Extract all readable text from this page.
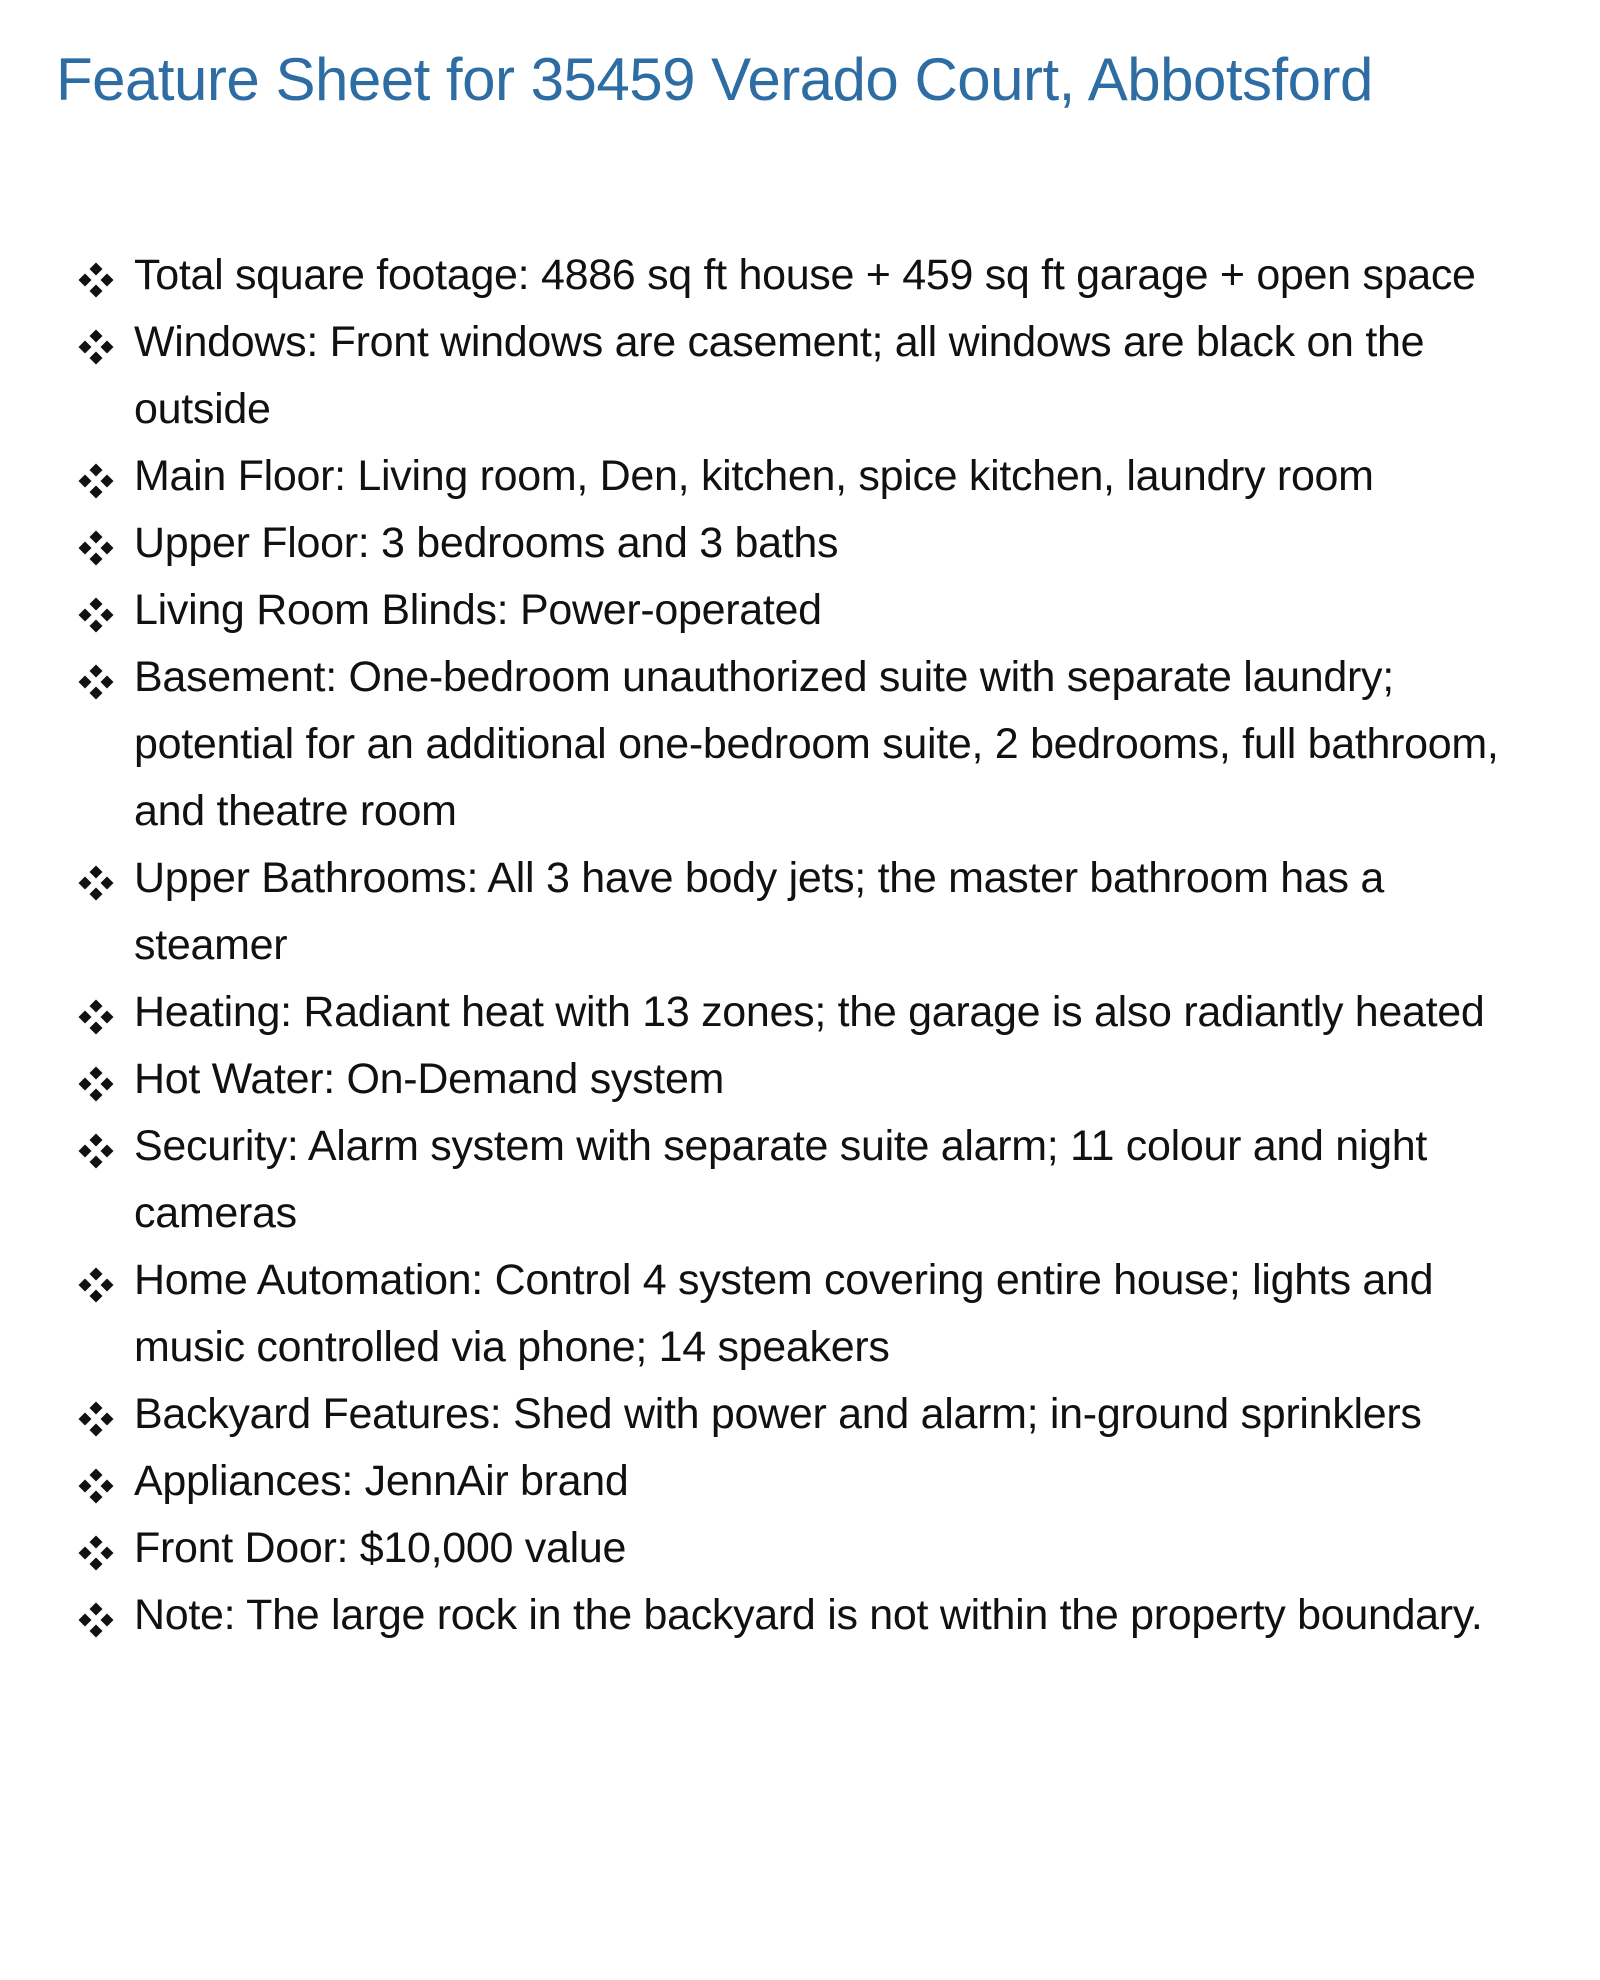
Feature Sheet for 35459 Verado Court, Abbotsford
Total square footage: 4886 sq ft house + 459 sq ft garage + open space
Windows: Front windows are casement; all windows are black on the outside
Main Floor: Living room, Den, kitchen, spice kitchen, laundry room
Upper Floor: 3 bedrooms and 3 baths
Living Room Blinds: Power-operated
Basement: One-bedroom unauthorized suite with separate laundry; potential for an additional one-bedroom suite, 2 bedrooms, full bathroom, and theatre room
Upper Bathrooms: All 3 have body jets; the master bathroom has a steamer
Heating: Radiant heat with 13 zones; the garage is also radiantly heated
Hot Water: On-Demand system
Security: Alarm system with separate suite alarm; 11 colour and night cameras
Home Automation: Control 4 system covering entire house; lights and music controlled via phone; 14 speakers
Backyard Features: Shed with power and alarm; in-ground sprinklers
Appliances: JennAir brand
Front Door: $10,000 value
Note: The large rock in the backyard is not within the property boundary.
